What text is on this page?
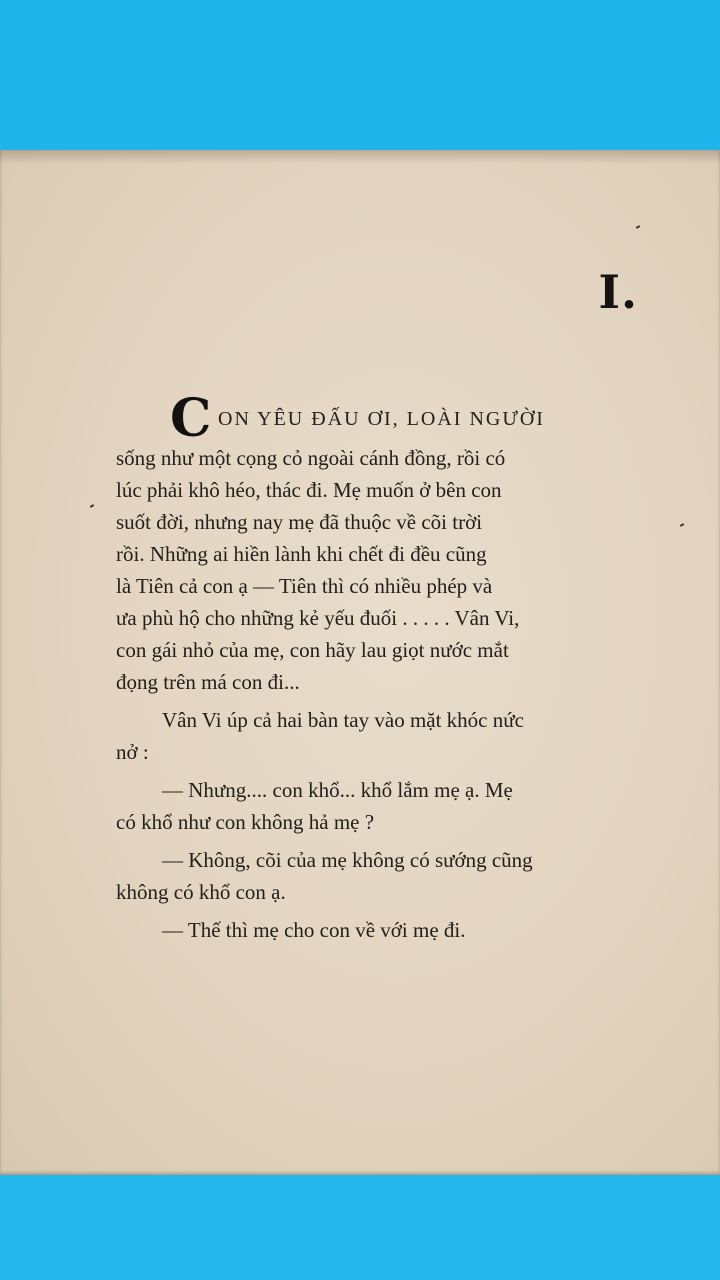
I.
C ON YÊU ĐẤU ƠI, LOÀI NGƯỜI
sống như một cọng cỏ ngoài cánh đồng, rồi có
lúc phải khô héo, thác đi. Mẹ muốn ở bên con
suốt đời, nhưng nay mẹ đã thuộc về cõi trời
rồi. Những ai hiền lành khi chết đi đều cũng
là Tiên cả con ạ — Tiên thì có nhiều phép và
ưa phù hộ cho những kẻ yếu đuối . . . . . Vân Vi,
con gái nhỏ của mẹ, con hãy lau giọt nước mắt
đọng trên má con đi...
Vân Vi úp cả hai bàn tay vào mặt khóc nức
nở :
— Nhưng.... con khổ... khổ lắm mẹ ạ. Mẹ
có khổ như con không hả mẹ ?
— Không, cõi của mẹ không có sướng cũng
không có khổ con ạ.
— Thế thì mẹ cho con về với mẹ đi.
